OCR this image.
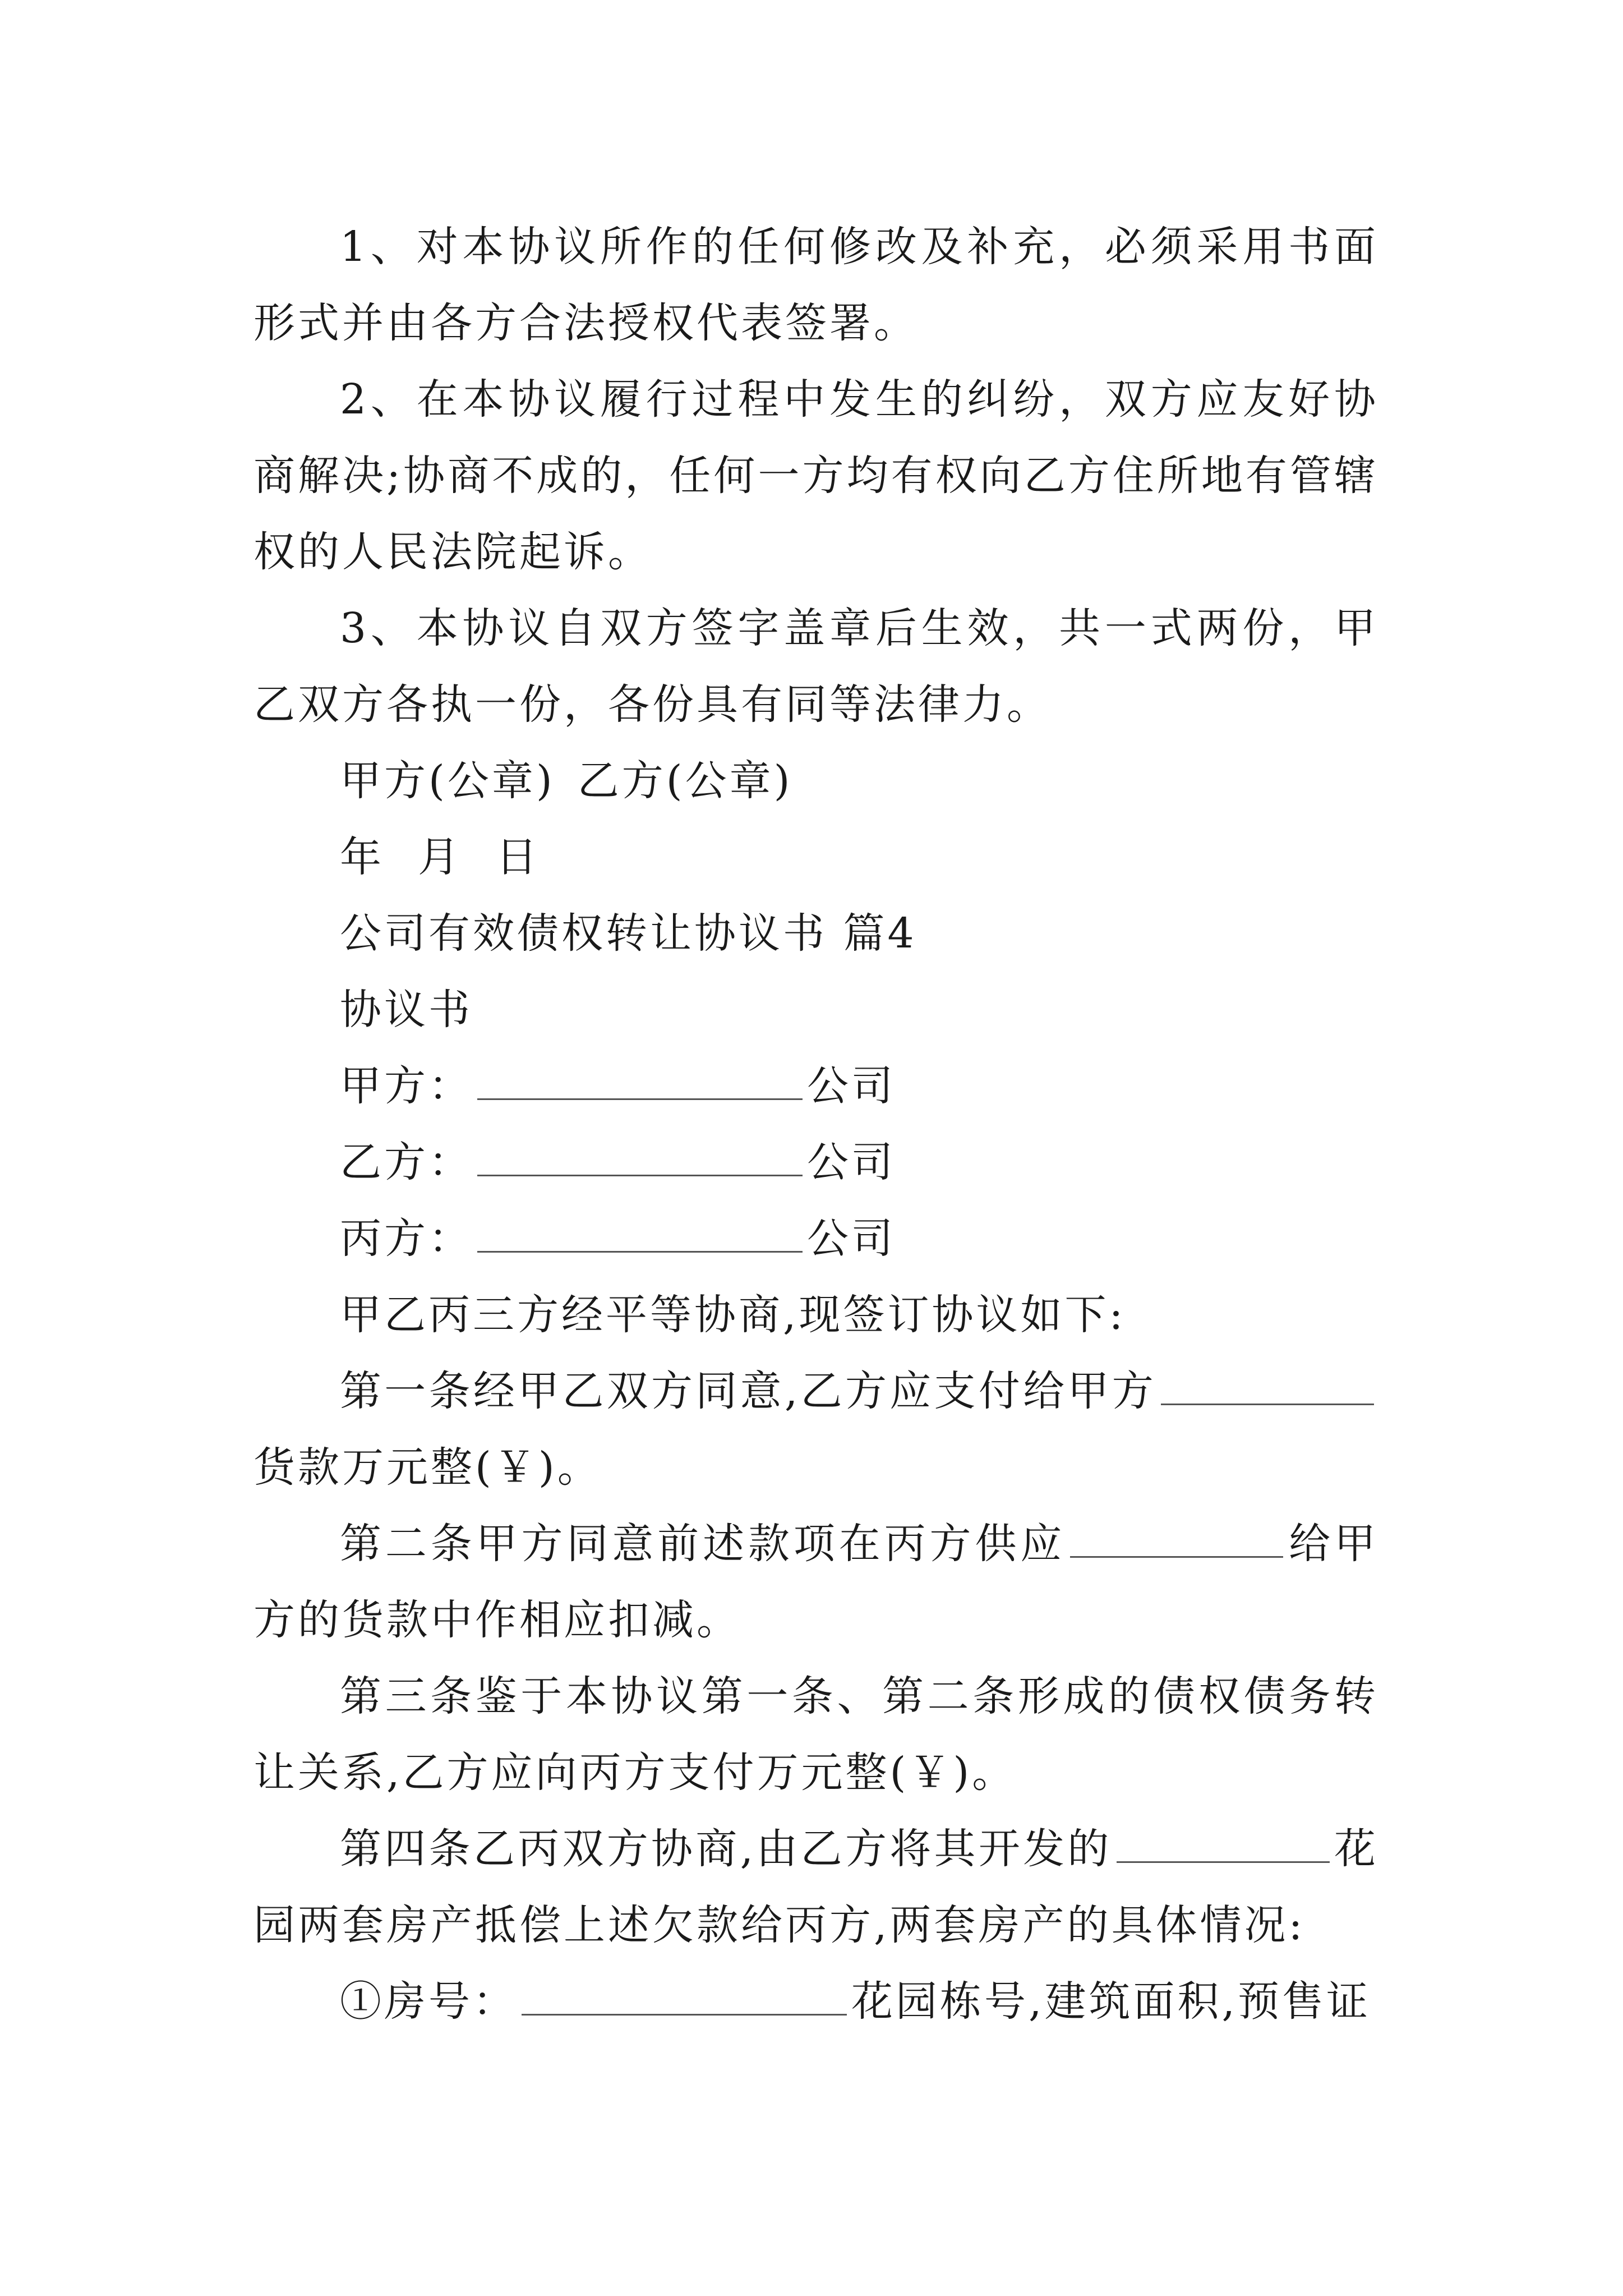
1、对本协议所作的任何修改及补充，必须采用书面形式并由各方合法授权代表签署。

2、在本协议履行过程中发生的纠纷，双方应友好协商解决;协商不成的，任何一方均有权向乙方住所地有管辖权的人民法院起诉。

3、本协议自双方签字盖章后生效，共一式两份，甲乙双方各执一份，各份具有同等法律力。

甲方(公章) 乙方(公章)

年 月 日

公司有效债权转让协议书 篇4

协议书

甲方：	公司

乙方：	公司

丙方：	公司

甲乙丙三方经平等协商,现签订协议如下:

第一条经甲乙双方同意,乙方应支付给甲方货款万元整(￥)。

第二条甲方同意前述款项在丙方供应	给甲方的货款中作相应扣减。

第三条鉴于本协议第一条、第二条形成的债权债务转让关系,乙方应向丙方支付万元整(￥)。

第四条乙丙双方协商,由乙方将其开发的	花园两套房产抵偿上述欠款给丙方,两套房产的具体情况:

①房号：	花园栋号,建筑面积,预售证
